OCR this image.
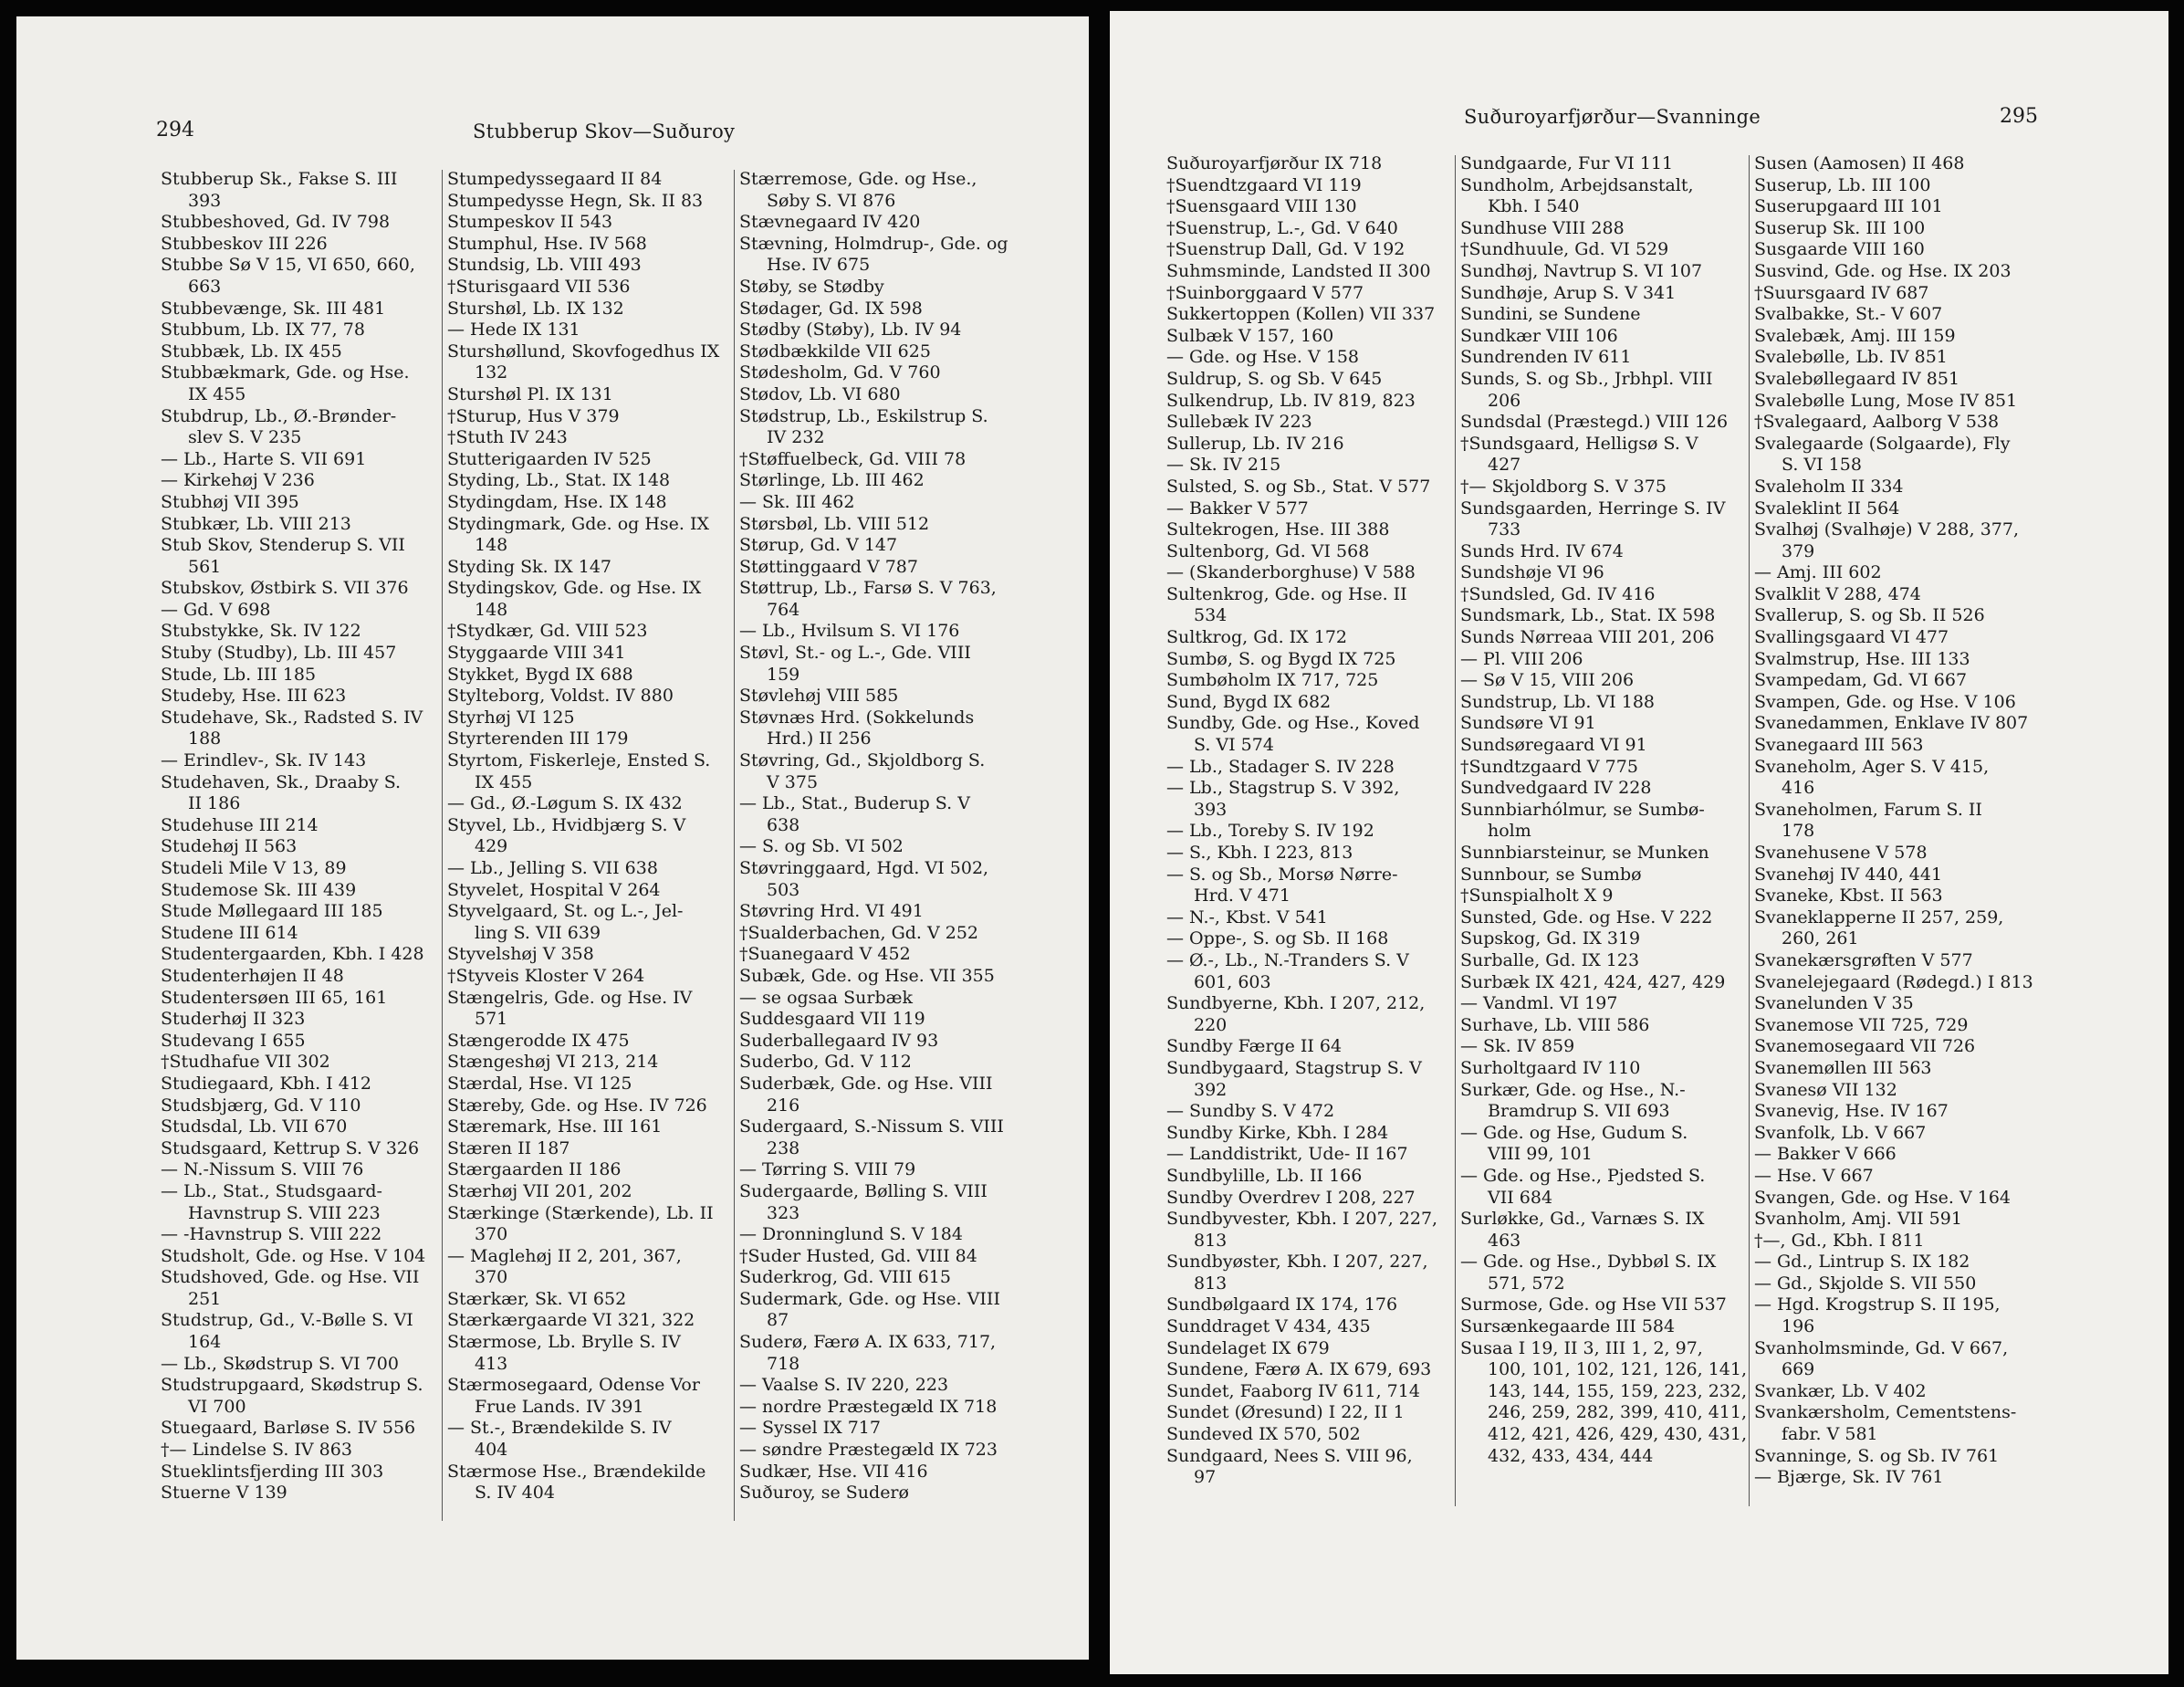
294	Stubberup Skov—Suðuroy

Stubberup Sk., Fakse S. III

393

Stubbeshoved, Gd. IV 798

Stubbeskov III 226

Stubbe Sø V 15, VI 650, 660,

663

Stubbevænge, Sk. III 481

Stubbum, Lb. IX 77, 78

Stubbæk, Lb. IX 455

Stubbækmark, Gde. og Hse.

IX 455

Stubdrup, Lb., Ø.-Brønder-

slev S. V 235

— Lb., Harte S. VII 691

— Kirkehøj V 236

Stubhøj VII 395

Stubkær, Lb. VIII 213

Stub Skov, Stenderup S. VII

561

Stubskov, Østbirk S. VII 376

— Gd. V 698

Stubstykke, Sk. IV 122

Stuby (Studby), Lb. III 457

Stude, Lb. III 185

Studeby, Hse. III 623

Studehave, Sk., Radsted S. IV

188

— Erindlev-, Sk. IV 143

Studehaven, Sk., Draaby S.

II 186

Studehuse III 214

Studehøj II 563

Studeli Mile V 13, 89

Studemose Sk. III 439

Stude Møllegaard III 185

Studene III 614

Studentergaarden, Kbh. I 428

Studenterhøjen II 48

Studentersøen III 65, 161

Studerhøj II 323

Studevang I 655

†Studhafue VII 302

Studiegaard, Kbh. I 412

Studsbjærg, Gd. V 110

Studsdal, Lb. VII 670

Studsgaard, Kettrup S. V 326

— N.-Nissum S. VIII 76

— Lb., Stat., Studsgaard-

Havnstrup S. VIII 223

— -Havnstrup S. VIII 222

Studsholt, Gde. og Hse. V 104

Studshoved, Gde. og Hse. VII

251

Studstrup, Gd., V.-Bølle S. VI

164

— Lb., Skødstrup S. VI 700

Studstrupgaard, Skødstrup S.

VI 700

Stuegaard, Barløse S. IV 556

†— Lindelse S. IV 863

Stueklintsfjerding III 303

Stuerne V 139

Stumpedyssegaard II 84

Stumpedysse Hegn, Sk. II 83

Stumpeskov II 543

Stumphul, Hse. IV 568

Stundsig, Lb. VIII 493

†Sturisgaard VII 536

Sturshøl, Lb. IX 132

— Hede IX 131

Sturshøllund, Skovfogedhus IX

132

Sturshøl Pl. IX 131

†Sturup, Hus V 379

†Stuth IV 243

Stutterigaarden IV 525

Styding, Lb., Stat. IX 148

Stydingdam, Hse. IX 148

Stydingmark, Gde. og Hse. IX

148

Styding Sk. IX 147

Stydingskov, Gde. og Hse. IX

148

†Stydkær, Gd. VIII 523

Styggaarde VIII 341

Stykket, Bygd IX 688

Stylteborg, Voldst. IV 880

Styrhøj VI 125

Styrterenden III 179

Styrtom, Fiskerleje, Ensted S.

IX 455

— Gd., Ø.-Løgum S. IX 432

Styvel, Lb., Hvidbjærg S. V

429

— Lb., Jelling S. VII 638

Styvelet, Hospital V 264

Styvelgaard, St. og L.-, Jel-

ling S. VII 639

Styvelshøj V 358

†Styveis Kloster V 264

Stængelris, Gde. og Hse. IV

571

Stængerodde IX 475

Stængeshøj VI 213, 214

Stærdal, Hse. VI 125

Stæreby, Gde. og Hse. IV 726

Stæremark, Hse. III 161

Stæren II 187

Stærgaarden II 186

Stærhøj VII 201, 202

Stærkinge (Stærkende), Lb. II

370

— Maglehøj II 2, 201, 367,

370

Stærkær, Sk. VI 652

Stærkærgaarde VI 321, 322

Stærmose, Lb. Brylle S. IV

413

Stærmosegaard, Odense Vor

Frue Lands. IV 391

— St.-, Brændekilde S. IV

404

Stærmose Hse., Brændekilde

S. IV 404

Stærremose, Gde. og Hse.,

Søby S. VI 876

Stævnegaard IV 420

Stævning, Holmdrup-, Gde. og

Hse. IV 675

Støby, se Stødby

Stødager, Gd. IX 598

Stødby (Støby), Lb. IV 94

Stødbækkilde VII 625

Stødesholm, Gd. V 760

Stødov, Lb. VI 680

Stødstrup, Lb., Eskilstrup S.

IV 232

†Støffuelbeck, Gd. VIII 78

Størlinge, Lb. III 462

— Sk. III 462

Størsbøl, Lb. VIII 512

Størup, Gd. V 147

Støttinggaard V 787

Støttrup, Lb., Farsø S. V 763,

764

— Lb., Hvilsum S. VI 176

Støvl, St.- og L.-, Gde. VIII

159

Støvlehøj VIII 585

Støvnæs Hrd. (Sokkelunds

Hrd.) II 256

Støvring, Gd., Skjoldborg S.

V 375

— Lb., Stat., Buderup S. V

638

— S. og Sb. VI 502

Støvringgaard, Hgd. VI 502,

503

Støvring Hrd. VI 491

†Sualderbachen, Gd. V 252

†Suanegaard V 452

Subæk, Gde. og Hse. VII 355

— se ogsaa Surbæk

Suddesgaard VII 119

Suderballegaard IV 93

Suderbo, Gd. V 112

Suderbæk, Gde. og Hse. VIII

216

Sudergaard, S.-Nissum S. VIII

238

— Tørring S. VIII 79

Sudergaarde, Bølling S. VIII

323

— Dronninglund S. V 184

†Suder Husted, Gd. VIII 84

Suderkrog, Gd. VIII 615

Sudermark, Gde. og Hse. VIII

87

Suderø, Færø A. IX 633, 717,

718

— Vaalse S. IV 220, 223

— nordre Præstegæld IX 718

— Syssel IX 717

— søndre Præstegæld IX 723

Sudkær, Hse. VII 416

Suðuroy, se Suderø

Suðuroyarfjørður—Svanninge	295

Suðuroyarfjørður IX 718

†Suendtzgaard VI 119

†Suensgaard VIII 130

†Suenstrup, L.-, Gd. V 640

†Suenstrup Dall, Gd. V 192

Suhmsminde, Landsted II 300

†Suinborggaard V 577

Sukkertoppen (Kollen) VII 337

Sulbæk V 157, 160

— Gde. og Hse. V 158

Suldrup, S. og Sb. V 645

Sulkendrup, Lb. IV 819, 823

Sullebæk IV 223

Sullerup, Lb. IV 216

— Sk. IV 215

Sulsted, S. og Sb., Stat. V 577

— Bakker V 577

Sultekrogen, Hse. III 388

Sultenborg, Gd. VI 568

— (Skanderborghuse) V 588

Sultenkrog, Gde. og Hse. II

534

Sultkrog, Gd. IX 172

Sumbø, S. og Bygd IX 725

Sumbøholm IX 717, 725

Sund, Bygd IX 682

Sundby, Gde. og Hse., Koved

S. VI 574

— Lb., Stadager S. IV 228

— Lb., Stagstrup S. V 392,

393

— Lb., Toreby S. IV 192

— S., Kbh. I 223, 813

— S. og Sb., Morsø Nørre-

Hrd. V 471

— N.-, Kbst. V 541

— Oppe-, S. og Sb. II 168

— Ø.-, Lb., N.-Tranders S. V

601, 603

Sundbyerne, Kbh. I 207, 212,

220

Sundby Færge II 64

Sundbygaard, Stagstrup S. V

392

— Sundby S. V 472

Sundby Kirke, Kbh. I 284

— Landdistrikt, Ude- II 167

Sundbylille, Lb. II 166

Sundby Overdrev I 208, 227

Sundbyvester, Kbh. I 207, 227,

813

Sundbyøster, Kbh. I 207, 227,

813

Sundbølgaard IX 174, 176

Sunddraget V 434, 435

Sundelaget IX 679

Sundene, Færø A. IX 679, 693

Sundet, Faaborg IV 611, 714

Sundet (Øresund) I 22, II 1

Sundeved IX 570, 502

Sundgaard, Nees S. VIII 96,

97

Sundgaarde, Fur VI 111

Sundholm, Arbejdsanstalt,

Kbh. I 540

Sundhuse VIII 288

†Sundhuule, Gd. VI 529

Sundhøj, Navtrup S. VI 107

Sundhøje, Arup S. V 341

Sundini, se Sundene

Sundkær VIII 106

Sundrenden IV 611

Sunds, S. og Sb., Jrbhpl. VIII

206

Sundsdal (Præstegd.) VIII 126

†Sundsgaard, Helligsø S. V

427

†— Skjoldborg S. V 375

Sundsgaarden, Herringe S. IV

733

Sunds Hrd. IV 674

Sundshøje VI 96

†Sundsled, Gd. IV 416

Sundsmark, Lb., Stat. IX 598

Sunds Nørreaa VIII 201, 206

— Pl. VIII 206

— Sø V 15, VIII 206

Sundstrup, Lb. VI 188

Sundsøre VI 91

Sundsøregaard VI 91

†Sundtzgaard V 775

Sundvedgaard IV 228

Sunnbiarhólmur, se Sumbø-

holm

Sunnbiarsteinur, se Munken

Sunnbour, se Sumbø

†Sunspialholt X 9

Sunsted, Gde. og Hse. V 222

Supskog, Gd. IX 319

Surballe, Gd. IX 123

Surbæk IX 421, 424, 427, 429

— Vandml. VI 197

Surhave, Lb. VIII 586

— Sk. IV 859

Surholtgaard IV 110

Surkær, Gde. og Hse., N.-

Bramdrup S. VII 693

— Gde. og Hse, Gudum S.

VIII 99, 101

— Gde. og Hse., Pjedsted S.

VII 684

Surløkke, Gd., Varnæs S. IX

463

— Gde. og Hse., Dybbøl S. IX

571, 572

Surmose, Gde. og Hse VII 537

Sursænkegaarde III 584

Susaa I 19, II 3, III 1, 2, 97,

100, 101, 102, 121, 126, 141,

143, 144, 155, 159, 223, 232,

246, 259, 282, 399, 410, 411,

412, 421, 426, 429, 430, 431,

432, 433, 434, 444

Susen (Aamosen) II 468

Suserup, Lb. III 100

Suserupgaard III 101

Suserup Sk. III 100

Susgaarde VIII 160

Susvind, Gde. og Hse. IX 203

†Suursgaard IV 687

Svalbakke, St.- V 607

Svalebæk, Amj. III 159

Svalebølle, Lb. IV 851

Svalebøllegaard IV 851

Svalebølle Lung, Mose IV 851

†Svalegaard, Aalborg V 538

Svalegaarde (Solgaarde), Fly

S. VI 158

Svaleholm II 334

Svaleklint II 564

Svalhøj (Svalhøje) V 288, 377,

379

— Amj. III 602

Svalklit V 288, 474

Svallerup, S. og Sb. II 526

Svallingsgaard VI 477

Svalmstrup, Hse. III 133

Svampedam, Gd. VI 667

Svampen, Gde. og Hse. V 106

Svanedammen, Enklave IV 807

Svanegaard III 563

Svaneholm, Ager S. V 415,

416

Svaneholmen, Farum S. II

178

Svanehusene V 578

Svanehøj IV 440, 441

Svaneke, Kbst. II 563

Svaneklapperne II 257, 259,

260, 261

Svanekærsgrøften V 577

Svanelejegaard (Rødegd.) I 813

Svanelunden V 35

Svanemose VII 725, 729

Svanemosegaard VII 726

Svanemøllen III 563

Svanesø VII 132

Svanevig, Hse. IV 167

Svanfolk, Lb. V 667

— Bakker V 666

— Hse. V 667

Svangen, Gde. og Hse. V 164

Svanholm, Amj. VII 591

†—, Gd., Kbh. I 811

— Gd., Lintrup S. IX 182

— Gd., Skjolde S. VII 550

— Hgd. Krogstrup S. II 195,

196

Svanholmsminde, Gd. V 667,

669

Svankær, Lb. V 402

Svankærsholm, Cementstens-

fabr. V 581

Svanninge, S. og Sb. IV 761

— Bjærge, Sk. IV 761
